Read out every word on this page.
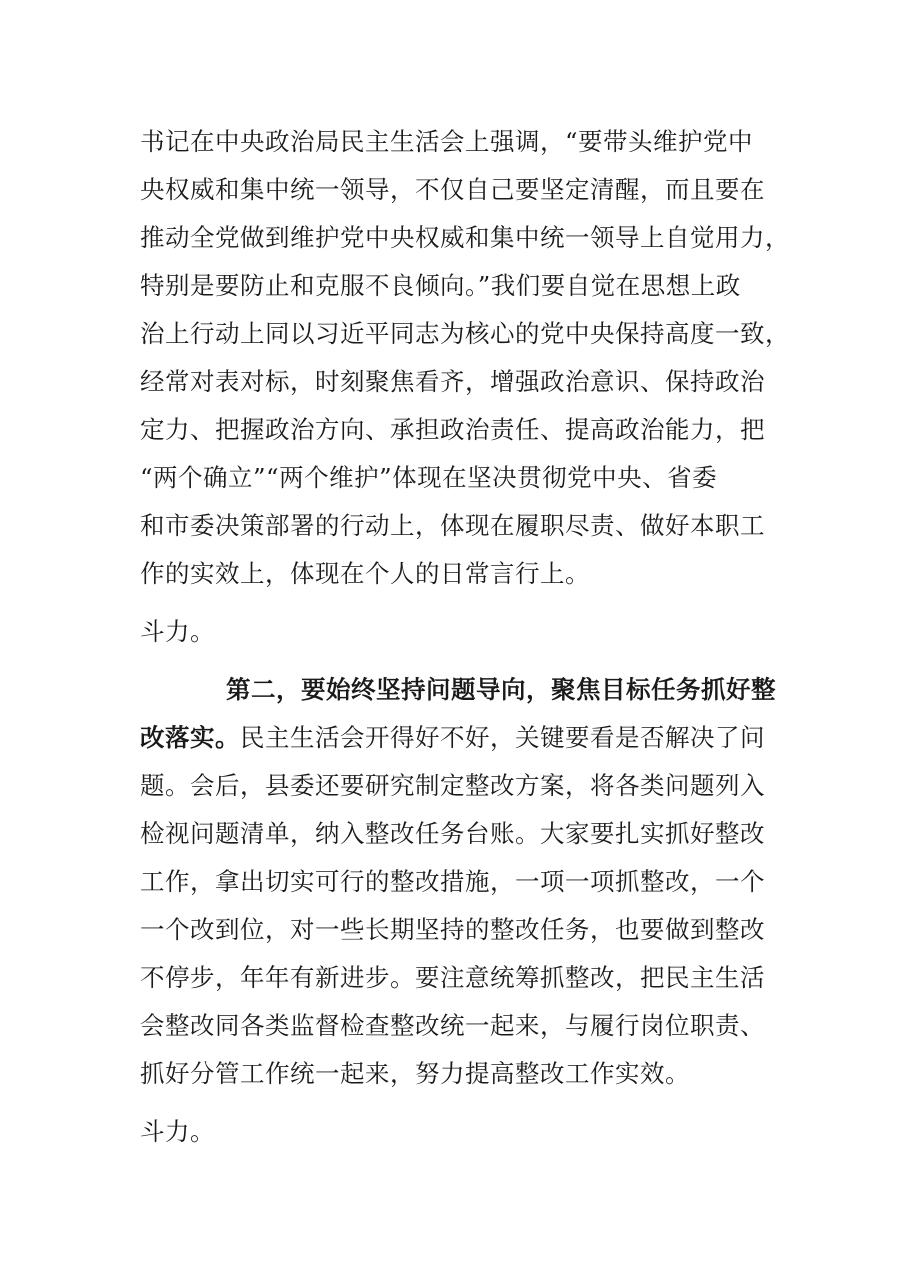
书记在中央政治局民主生活会上强调，“要带头维护党中
央权威和集中统一领导，不仅自己要坚定清醒，而且要在
推动全党做到维护党中央权威和集中统一领导上自觉用力，
特别是要防止和克服不良倾向。”我们要自觉在思想上政
治上行动上同以习近平同志为核心的党中央保持高度一致，
经常对表对标，时刻聚焦看齐，增强政治意识、保持政治
定力、把握政治方向、承担政治责任、提高政治能力，把
“两个确立”“两个维护”体现在坚决贯彻党中央、省委
和市委决策部署的行动上，体现在履职尽责、做好本职工
作的实效上，体现在个人的日常言行上。
斗力。
第二，要始终坚持问题导向，聚焦目标任务抓好整
改落实。民主生活会开得好不好，关键要看是否解决了问
题。会后，县委还要研究制定整改方案，将各类问题列入
检视问题清单，纳入整改任务台账。大家要扎实抓好整改
工作，拿出切实可行的整改措施，一项一项抓整改，一个
一个改到位，对一些长期坚持的整改任务，也要做到整改
不停步，年年有新进步。要注意统筹抓整改，把民主生活
会整改同各类监督检查整改统一起来，与履行岗位职责、
抓好分管工作统一起来，努力提高整改工作实效。
斗力。
